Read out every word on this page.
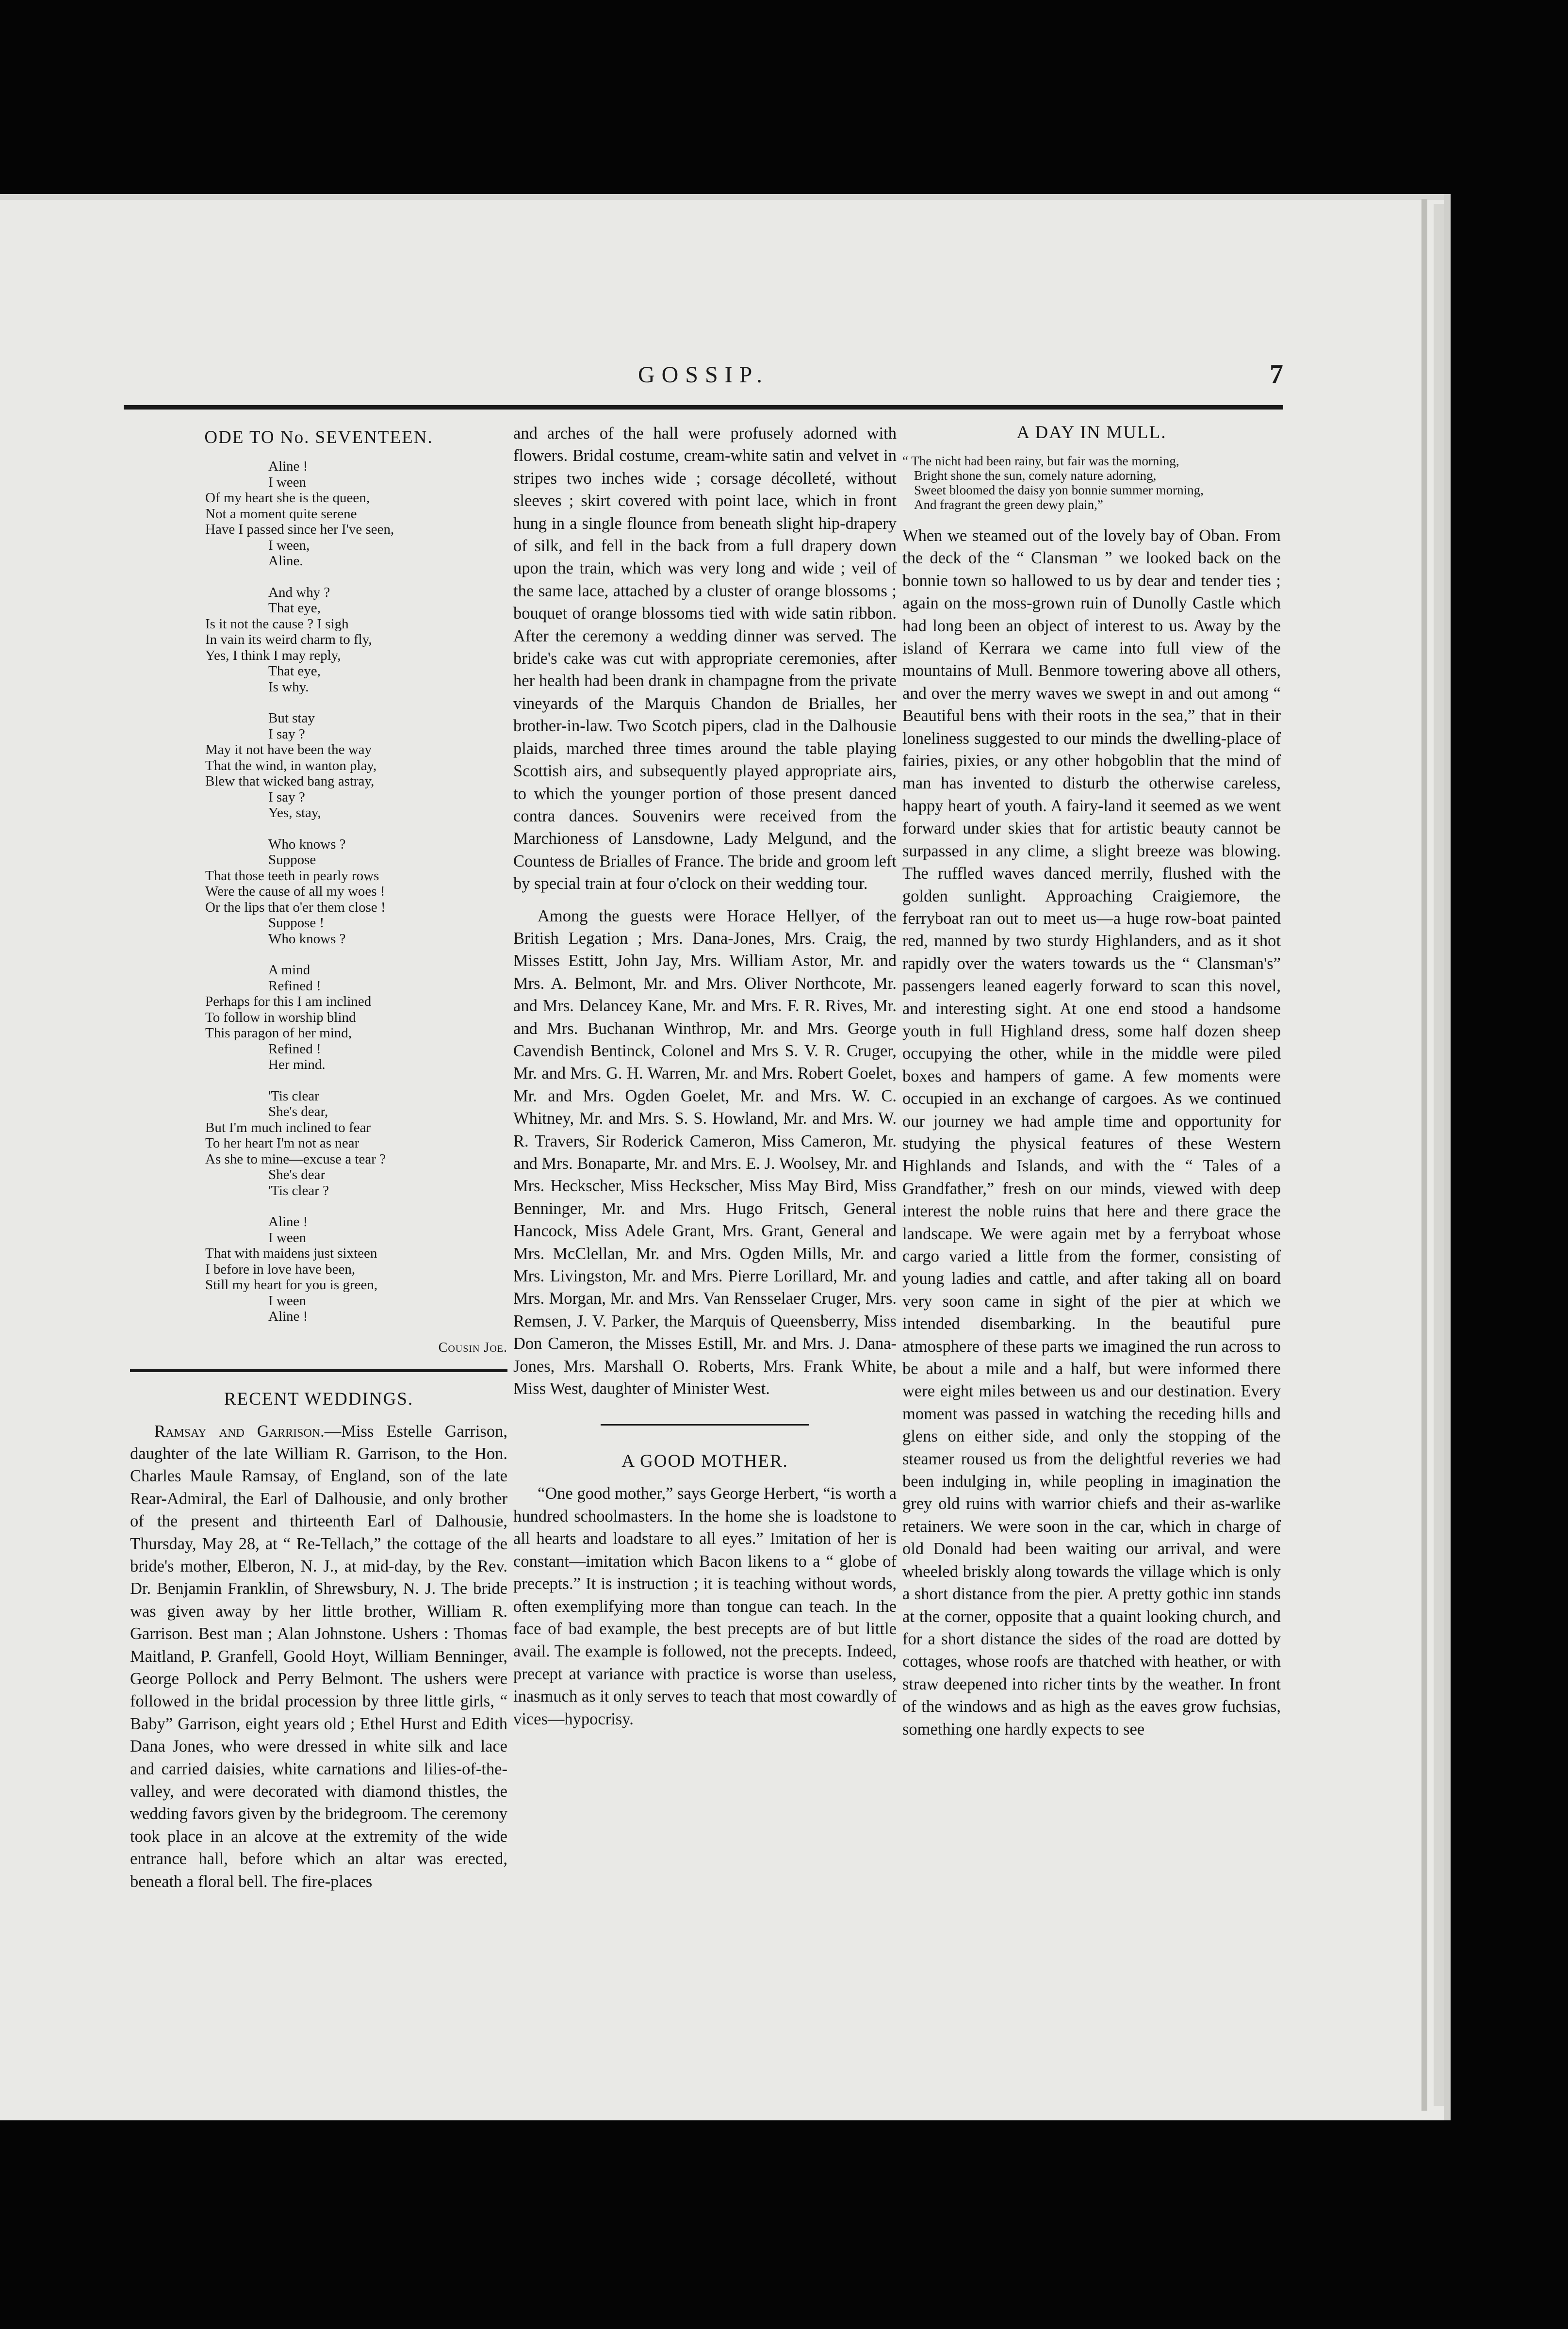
GOSSIP.	7
ODE TO No. SEVENTEEN.
Aline !
I ween
Of my heart she is the queen,
Not a moment quite serene
Have I passed since her I've seen,
I ween,
Aline.
And why ?
That eye,
Is it not the cause ? I sigh
In vain its weird charm to fly,
Yes, I think I may reply,
That eye,
Is why.
But stay
I say ?
May it not have been the way
That the wind, in wanton play,
Blew that wicked bang astray,
I say ?
Yes, stay,
Who knows ?
Suppose
That those teeth in pearly rows
Were the cause of all my woes !
Or the lips that o'er them close !
Suppose !
Who knows ?
A mind
Refined !
Perhaps for this I am inclined
To follow in worship blind
This paragon of her mind,
Refined !
Her mind.
'Tis clear
She's dear,
But I'm much inclined to fear
To her heart I'm not as near
As she to mine—excuse a tear ?
She's dear
'Tis clear ?
Aline !
I ween
That with maidens just sixteen
I before in love have been,
Still my heart for you is green,
I ween
Aline !
Cousin Joe.
RECENT WEDDINGS.

Ramsay and Garrison.—Miss Estelle Garrison, daughter of the late William R. Garrison, to the Hon. Charles Maule Ramsay, of England, son of the late Rear-Admiral, the Earl of Dalhousie, and only brother of the present and thirteenth Earl of Dalhousie, Thursday, May 28, at “ Re-Tellach,” the cottage of the bride's mother, Elberon, N. J., at mid-day, by the Rev. Dr. Benjamin Franklin, of Shrewsbury, N. J. The bride was given away by her little brother, William R. Garrison. Best man ; Alan Johnstone. Ushers : Thomas Maitland, P. Granfell, Goold Hoyt, William Benninger, George Pollock and Perry Belmont. The ushers were followed in the bridal procession by three little girls, “ Baby” Garrison, eight years old ; Ethel Hurst and Edith Dana Jones, who were dressed in white silk and lace and carried daisies, white carnations and lilies-of-the-valley, and were decorated with diamond thistles, the wedding favors given by the bridegroom. The ceremony took place in an alcove at the extremity of the wide entrance hall, before which an altar was erected, beneath a floral bell. The fire-places

and arches of the hall were profusely adorned with flowers. Bridal costume, cream-white satin and velvet in stripes two inches wide ; corsage décolleté, without sleeves ; skirt covered with point lace, which in front hung in a single flounce from beneath slight hip-drapery of silk, and fell in the back from a full drapery down upon the train, which was very long and wide ; veil of the same lace, attached by a cluster of orange blossoms ; bouquet of orange blossoms tied with wide satin ribbon. After the ceremony a wedding dinner was served. The bride's cake was cut with appropriate ceremonies, after her health had been drank in champagne from the private vineyards of the Marquis Chandon de Brialles, her brother-in-law. Two Scotch pipers, clad in the Dalhousie plaids, marched three times around the table playing Scottish airs, and subsequently played appropriate airs, to which the younger portion of those present danced contra dances. Souvenirs were received from the Marchioness of Lansdowne, Lady Melgund, and the Countess de Brialles of France. The bride and groom left by special train at four o'clock on their wedding tour.

Among the guests were Horace Hellyer, of the British Legation ; Mrs. Dana-Jones, Mrs. Craig, the Misses Estitt, John Jay, Mrs. William Astor, Mr. and Mrs. A. Belmont, Mr. and Mrs. Oliver Northcote, Mr. and Mrs. Delancey Kane, Mr. and Mrs. F. R. Rives, Mr. and Mrs. Buchanan Winthrop, Mr. and Mrs. George Cavendish Bentinck, Colonel and Mrs S. V. R. Cruger, Mr. and Mrs. G. H. Warren, Mr. and Mrs. Robert Goelet, Mr. and Mrs. Ogden Goelet, Mr. and Mrs. W. C. Whitney, Mr. and Mrs. S. S. Howland, Mr. and Mrs. W. R. Travers, Sir Roderick Cameron, Miss Cameron, Mr. and Mrs. Bonaparte, Mr. and Mrs. E. J. Woolsey, Mr. and Mrs. Heckscher, Miss Heckscher, Miss May Bird, Miss Benninger, Mr. and Mrs. Hugo Fritsch, General Hancock, Miss Adele Grant, Mrs. Grant, General and Mrs. McClellan, Mr. and Mrs. Ogden Mills, Mr. and Mrs. Livingston, Mr. and Mrs. Pierre Lorillard, Mr. and Mrs. Morgan, Mr. and Mrs. Van Rensselaer Cruger, Mrs. Remsen, J. V. Parker, the Marquis of Queensberry, Miss Don Cameron, the Misses Estill, Mr. and Mrs. J. Dana-Jones, Mrs. Marshall O. Roberts, Mrs. Frank White, Miss West, daughter of Minister West.

A GOOD MOTHER.

“One good mother,” says George Herbert, “is worth a hundred schoolmasters. In the home she is loadstone to all hearts and loadstare to all eyes.” Imitation of her is constant—imitation which Bacon likens to a “ globe of precepts.” It is instruction ; it is teaching without words, often exemplifying more than tongue can teach. In the face of bad example, the best precepts are of but little avail. The example is followed, not the precepts. Indeed, precept at variance with practice is worse than useless, inasmuch as it only serves to teach that most cowardly of vices—hypocrisy.

A DAY IN MULL.
“ The nicht had been rainy, but fair was the morning,
Bright shone the sun, comely nature adorning,
Sweet bloomed the daisy yon bonnie summer morning,
And fragrant the green dewy plain,”

When we steamed out of the lovely bay of Oban. From the deck of the “ Clansman ” we looked back on the bonnie town so hallowed to us by dear and tender ties ; again on the moss-grown ruin of Dunolly Castle which had long been an object of interest to us. Away by the island of Kerrara we came into full view of the mountains of Mull. Benmore towering above all others, and over the merry waves we swept in and out among “ Beautiful bens with their roots in the sea,” that in their loneliness suggested to our minds the dwelling-place of fairies, pixies, or any other hobgoblin that the mind of man has invented to disturb the otherwise careless, happy heart of youth. A fairy-land it seemed as we went forward under skies that for artistic beauty cannot be surpassed in any clime, a slight breeze was blowing. The ruffled waves danced merrily, flushed with the golden sunlight. Approaching Craigiemore, the ferryboat ran out to meet us—a huge row-boat painted red, manned by two sturdy Highlanders, and as it shot rapidly over the waters towards us the “ Clansman's” passengers leaned eagerly forward to scan this novel, and interesting sight. At one end stood a handsome youth in full Highland dress, some half dozen sheep occupying the other, while in the middle were piled boxes and hampers of game. A few moments were occupied in an exchange of cargoes. As we continued our journey we had ample time and opportunity for studying the physical features of these Western Highlands and Islands, and with the “ Tales of a Grandfather,” fresh on our minds, viewed with deep interest the noble ruins that here and there grace the landscape. We were again met by a ferryboat whose cargo varied a little from the former, consisting of young ladies and cattle, and after taking all on board very soon came in sight of the pier at which we intended disembarking. In the beautiful pure atmosphere of these parts we imagined the run across to be about a mile and a half, but were informed there were eight miles between us and our destination. Every moment was passed in watching the receding hills and glens on either side, and only the stopping of the steamer roused us from the delightful reveries we had been indulging in, while peopling in imagination the grey old ruins with warrior chiefs and their as-warlike retainers. We were soon in the car, which in charge of old Donald had been waiting our arrival, and were wheeled briskly along towards the village which is only a short distance from the pier. A pretty gothic inn stands at the corner, opposite that a quaint looking church, and for a short distance the sides of the road are dotted by cottages, whose roofs are thatched with heather, or with straw deepened into richer tints by the weather. In front of the windows and as high as the eaves grow fuchsias, something one hardly expects to see
